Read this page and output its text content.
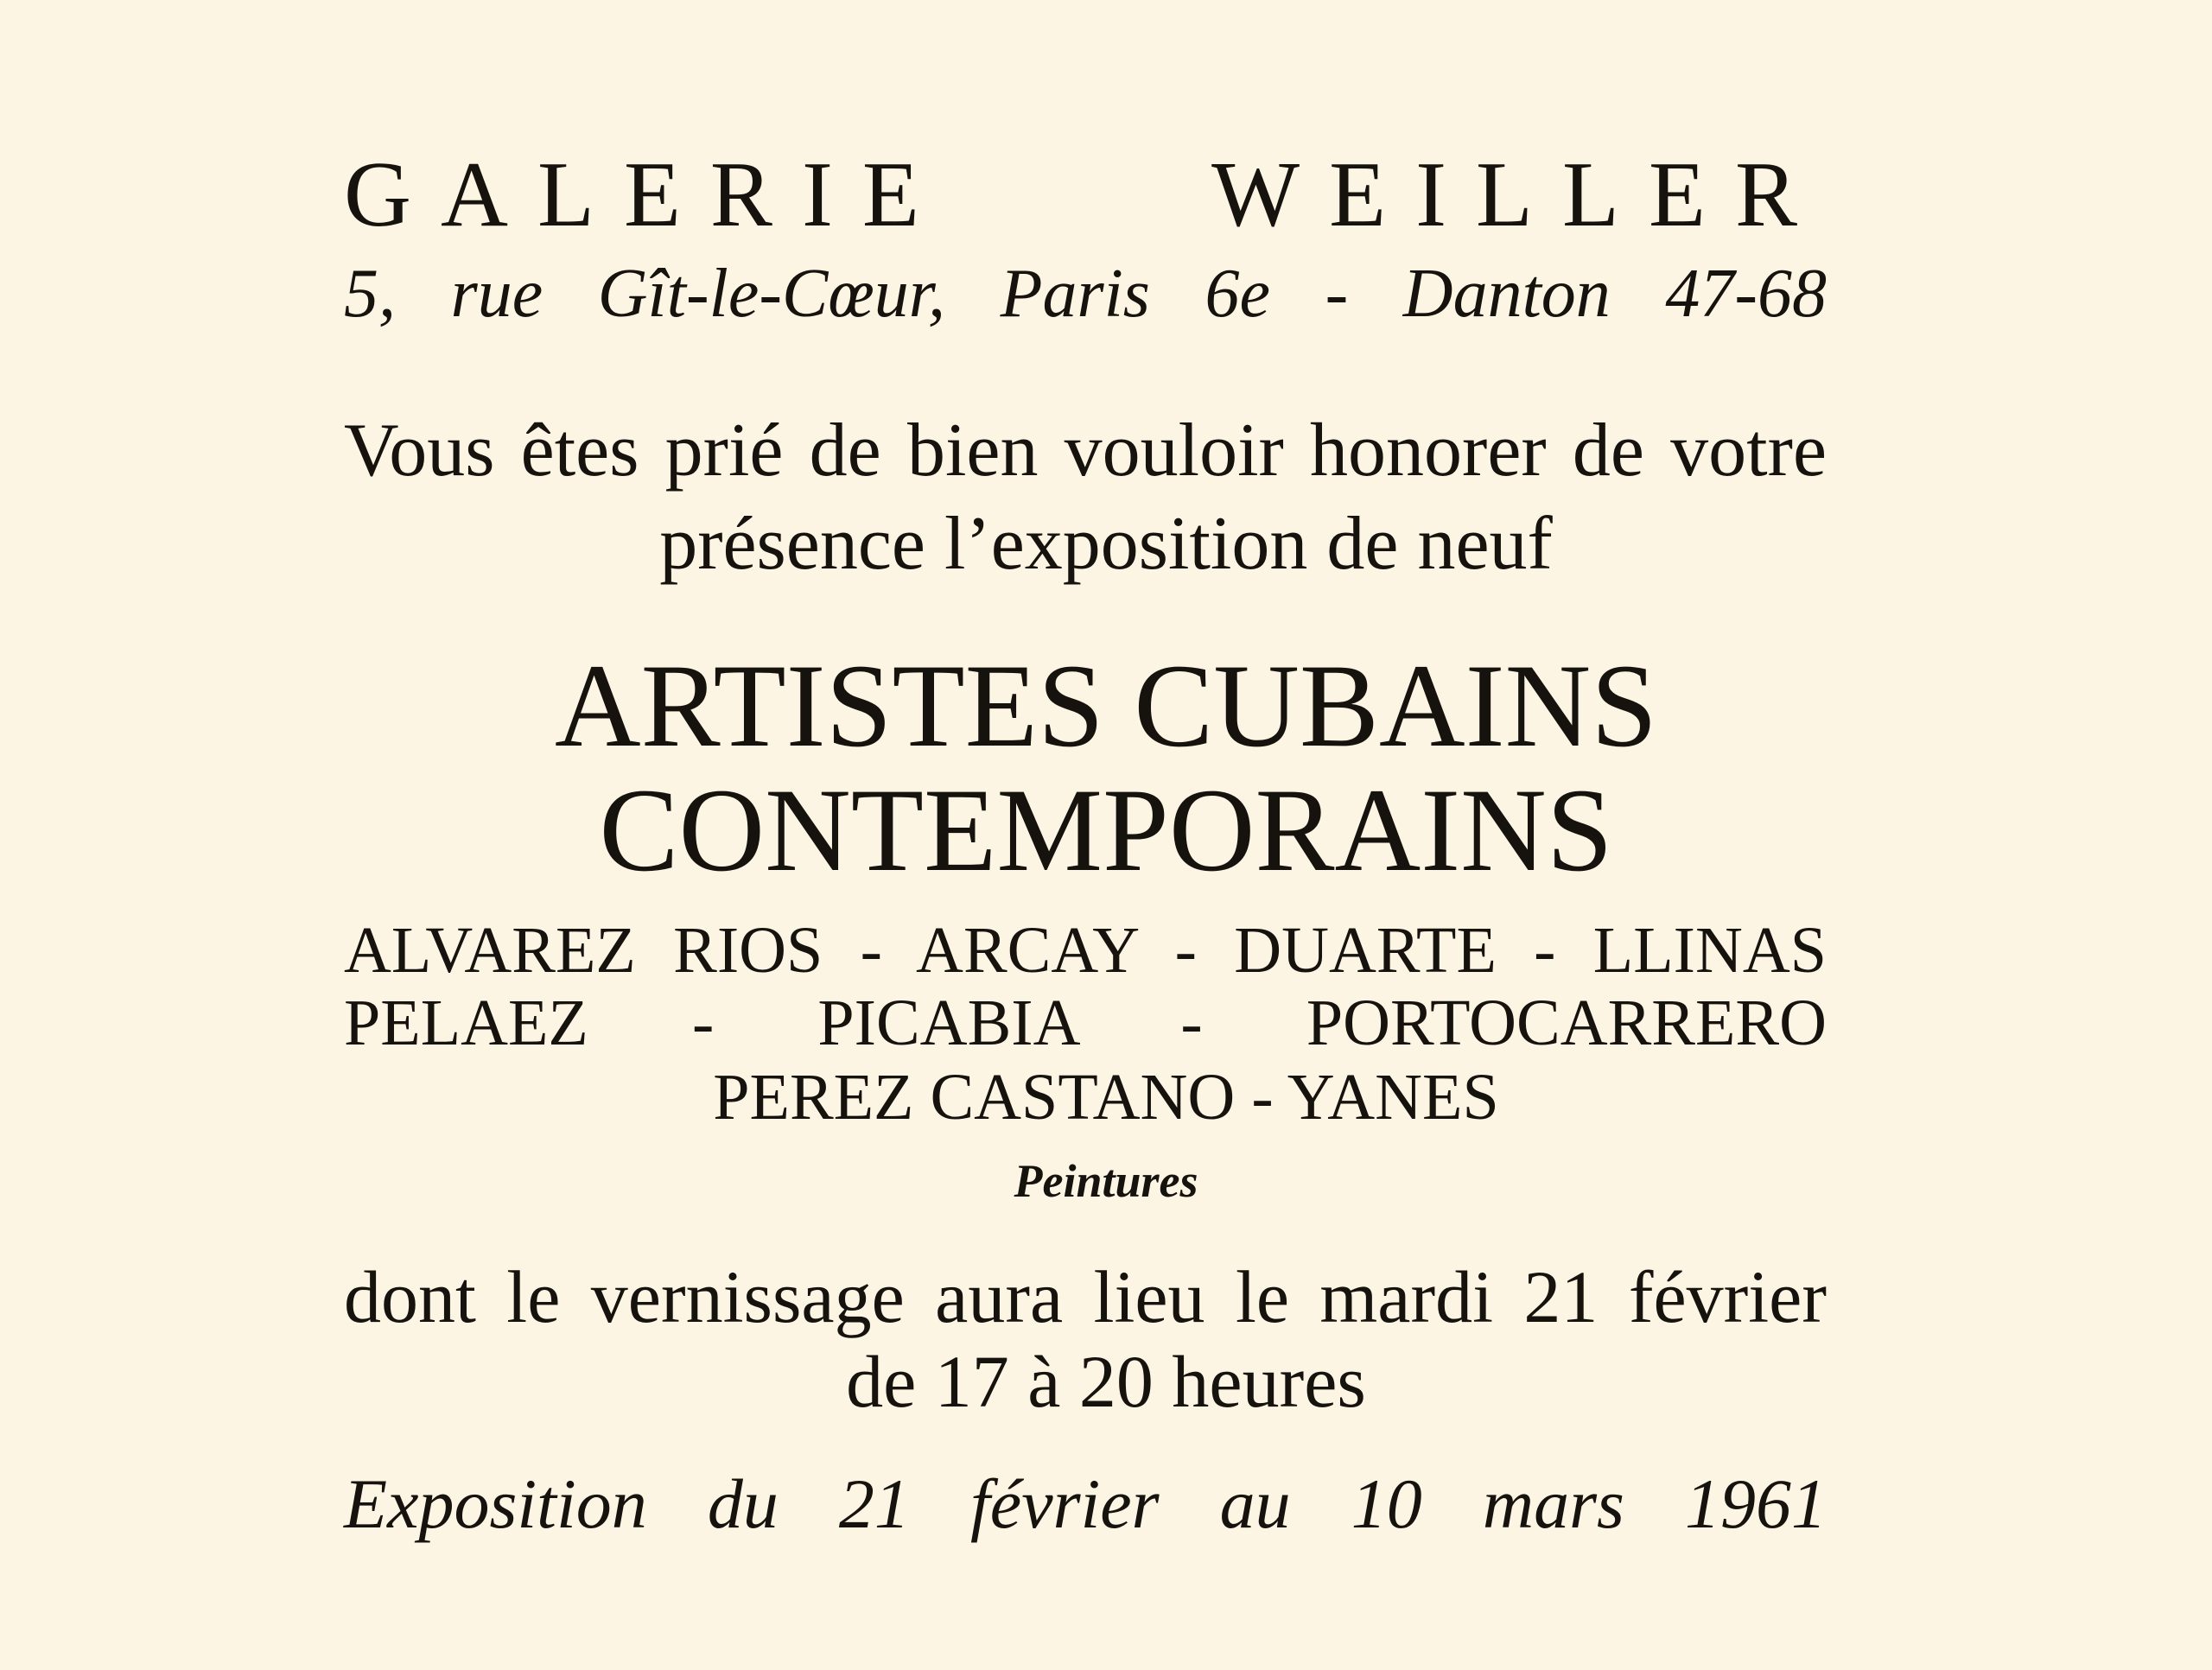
GALERIE WEILLER
5, rue Gît-le-Cœur, Paris 6e - Danton 47-68
Vous êtes prié de bien vouloir honorer de votre
présence l’exposition de neuf
ARTISTES CUBAINS
CONTEMPORAINS
ALVAREZ RIOS - ARCAY - DUARTE - LLINAS
PELAEZ - PICABIA - PORTOCARRERO
PEREZ CASTANO - YANES
Peintures
dont le vernissage aura lieu le mardi 21 février
de 17 à 20 heures
Exposition du 21 février au 10 mars 1961
